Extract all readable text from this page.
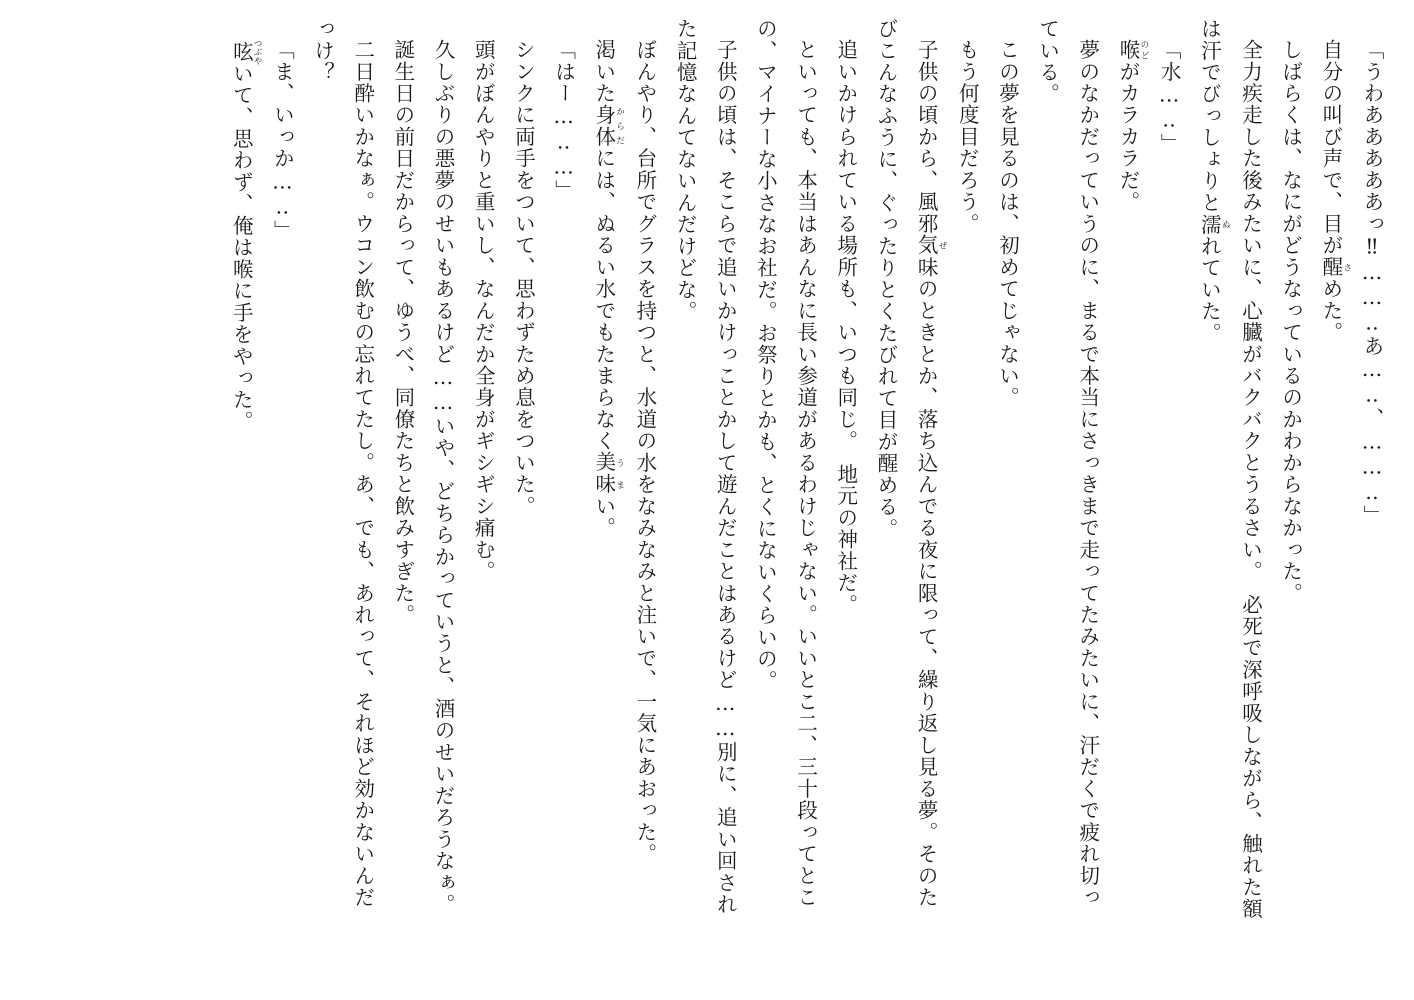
「うわあああああっ‼……‥あ…‥、……‥」

自分の叫び声で、目が醒 さめた。

しばらくは、なにがどうなっているのかわからなかった。

全力疾走した後みたいに、心臓がバクバクとうるさい。　必死で深呼吸しながら、触れた額

は汗でびっしょりと濡 ぬれていた。

「水…‥」

喉 のどがカラカラだ。

夢のなかだっていうのに、まるで本当にさっきまで走ってたみたいに、汗だくで疲れ切っ

ている。

この夢を見るのは、初めてじゃない。

もう何度目だろう。

子供の頃から、風邪気 ぜ味のときとか、落ち込んでる夜に限って、繰り返し見る夢。そのた

びこんなふうに、ぐったりとくたびれて目が醒める。

追いかけられている場所も、いつも同じ。　地元の神社だ。

といっても、本当はあんなに長い参道があるわけじゃない。いいとこ二、三十段ってとこ

の、マイナーな小さなお社だ。お祭りとかも、とくにないくらいの。

子供の頃は、そこらで追いかけっことかして遊んだことはあるけど……別に、追い回され

た記憶なんてないんだけどな。

ぼんやり、台所でグラスを持つと、水道の水をなみなみと注いで、一気にあおった。

渇いた身体 からだには、ぬるい水でもたまらなく美味 うまい。

「はー…‥…」

シンクに両手をついて、思わずため息をついた。

頭がぼんやりと重いし、なんだか全身がギシギシ痛む。

久しぶりの悪夢のせいもあるけど……いや、どちらかっていうと、酒のせいだろうなぁ。

誕生日の前日だからって、ゆうべ、同僚たちと飲みすぎた。

二日酔いかなぁ。ウコン飲むの忘れてたし。あ、でも、あれって、それほど効かないんだ

っけ？

「ま、いっか…‥」

呟 つぶやいて、思わず、俺は喉に手をやった。
